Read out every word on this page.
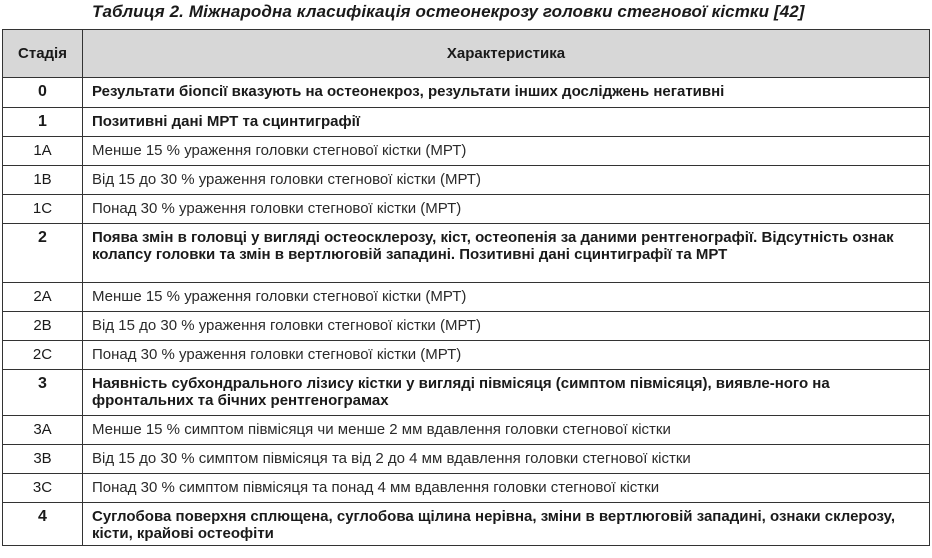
Таблиця 2. Міжнародна класифікація остеонекрозу головки стегнової кістки [42]
Стадія	Характеристика
0	Результати біопсії вказують на остеонекроз, результати інших досліджень негативні
1	Позитивні дані МРТ та сцинтиграфії
1A	Менше 15 % ураження головки стегнової кістки (МРТ)
1B	Від 15 до 30 % ураження головки стегнової кістки (МРТ)
1C	Понад 30 % ураження головки стегнової кістки (МРТ)
2	Поява змін в головці у вигляді остеосклерозу, кіст, остеопенія за даними рентгенографії. Відсутність ознак колапсу головки та змін в вертлюговій западині. Позитивні дані сцинтиграфії та МРТ
2A	Менше 15 % ураження головки стегнової кістки (МРТ)
2B	Від 15 до 30 % ураження головки стегнової кістки (МРТ)
2C	Понад 30 % ураження головки стегнової кістки (МРТ)
3	Наявність субхондрального лізису кістки у вигляді півмісяця (симптом півмісяця), виявле-ного на фронтальних та бічних рентгенограмах
3A	Менше 15 % симптом півмісяця чи менше 2 мм вдавлення головки стегнової кістки
3B	Від 15 до 30 % симптом півмісяця та від 2 до 4 мм вдавлення головки стегнової кістки
3C	Понад 30 % симптом півмісяця та понад 4 мм вдавлення головки стегнової кістки
4	Суглобова поверхня сплющена, суглобова щілина нерівна, зміни в вертлюговій западині, ознаки склерозу, кісти, крайові остеофіти
